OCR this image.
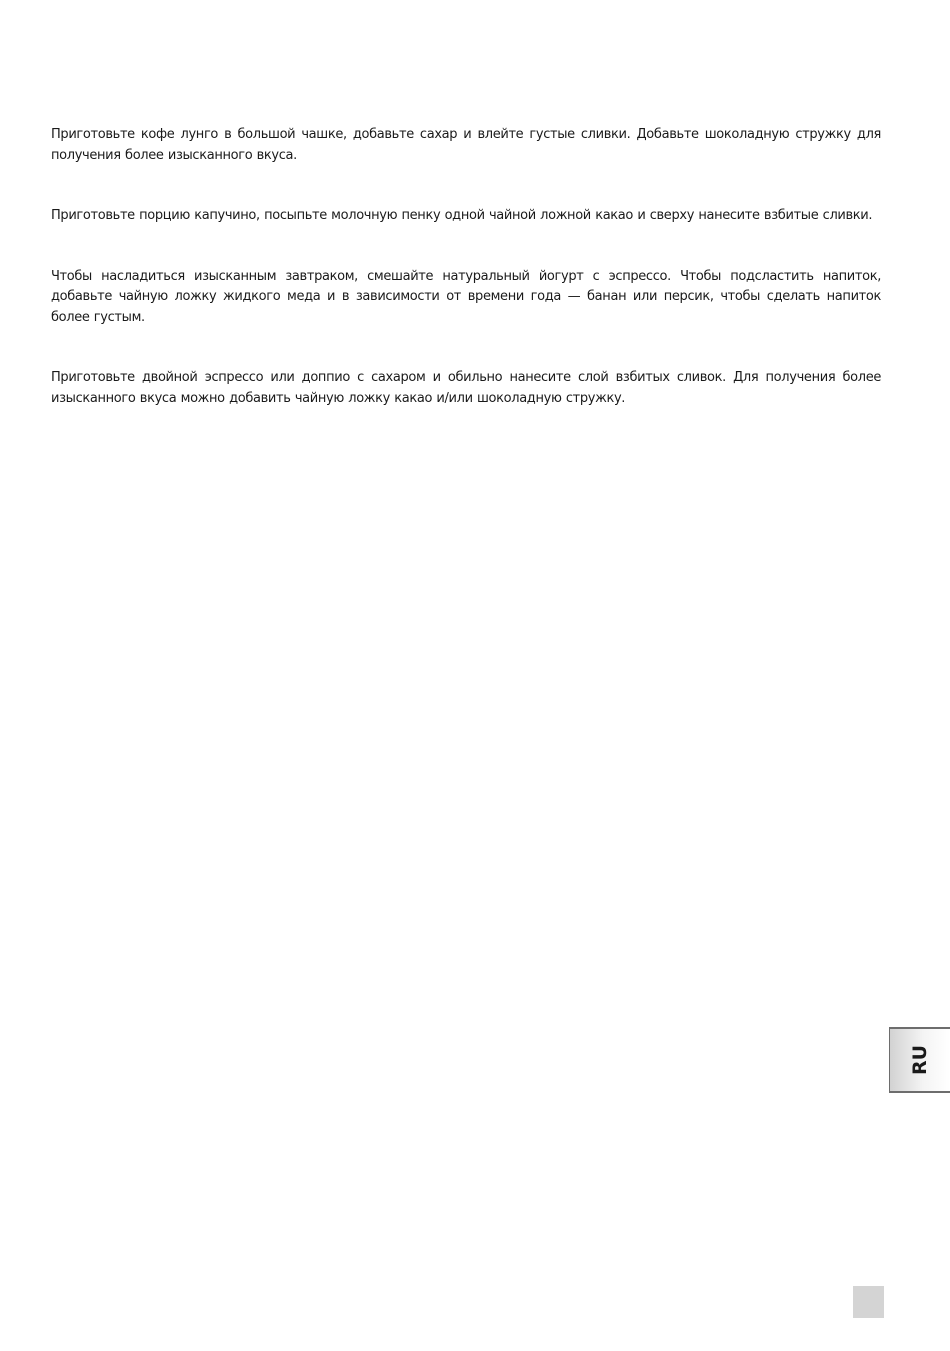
Приготовьте кофе лунго в большой чашке, добавьте сахар и влейте густые сливки. Добавьте шоколадную стружку для получения более изысканного вкуса.

Приготовьте порцию капучино, посыпьте молочную пенку одной чайной ложной какао и сверху нанесите взбитые сливки.

Чтобы насладиться изысканным завтраком, смешайте натуральный йогурт с эспрессо. Чтобы подсластить напиток, добавьте чайную ложку жидкого меда и в зависимости от времени года — банан или персик, чтобы сделать напиток более густым.

Приготовьте двойной эспрессо или доппио с сахаром и обильно нанесите слой взбитых сливок. Для получения более изысканного вкуса можно добавить чайную ложку какао и/или шоколадную стружку.

RU
